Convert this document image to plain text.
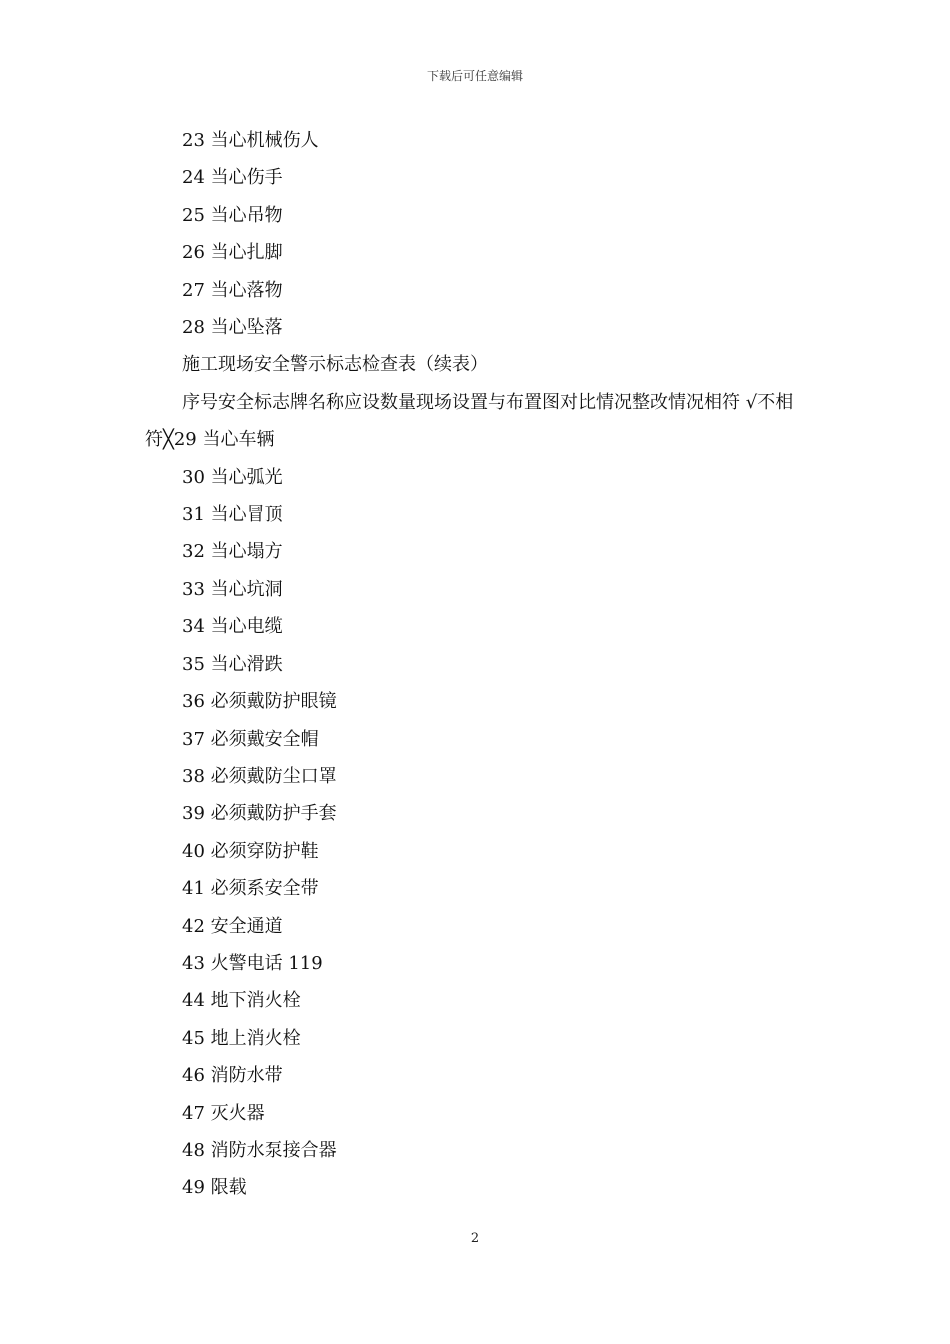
下载后可任意编辑
23 当心机械伤人
24 当心伤手
25 当心吊物
26 当心扎脚
27 当心落物
28 当心坠落
施工现场安全警示标志检查表（续表）
序号安全标志牌名称应设数量现场设置与布置图对比情况整改情况相符 √不相符╳29 当心车辆
30 当心弧光
31 当心冒顶
32 当心塌方
33 当心坑洞
34 当心电缆
35 当心滑跌
36 必须戴防护眼镜
37 必须戴安全帽
38 必须戴防尘口罩
39 必须戴防护手套
40 必须穿防护鞋
41 必须系安全带
42 安全通道
43 火警电话 119
44 地下消火栓
45 地上消火栓
46 消防水带
47 灭火器
48 消防水泵接合器
49 限载
2
